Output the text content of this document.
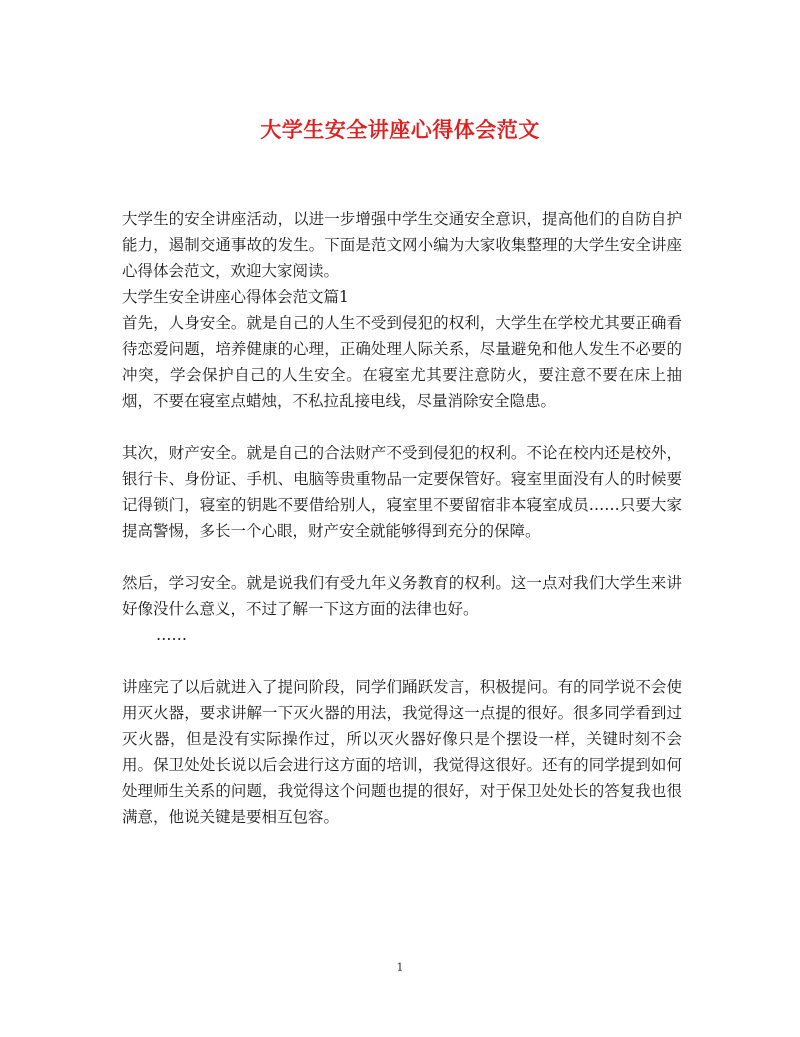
大学生安全讲座心得体会范文

大学生的安全讲座活动，以进一步增强中学生交通安全意识，提高他们的自防自护能力，遏制交通事故的发生。下面是范文网小编为大家收集整理的大学生安全讲座心得体会范文，欢迎大家阅读。

大学生安全讲座心得体会范文篇1

首先，人身安全。就是自己的人生不受到侵犯的权利，大学生在学校尤其要正确看待恋爱问题，培养健康的心理，正确处理人际关系，尽量避免和他人发生不必要的冲突，学会保护自己的人生安全。在寝室尤其要注意防火，要注意不要在床上抽烟，不要在寝室点蜡烛，不私拉乱接电线，尽量消除安全隐患。

其次，财产安全。就是自己的合法财产不受到侵犯的权利。不论在校内还是校外，银行卡、身份证、手机、电脑等贵重物品一定要保管好。寝室里面没有人的时候要记得锁门，寝室的钥匙不要借给别人，寝室里不要留宿非本寝室成员……只要大家提高警惕，多长一个心眼，财产安全就能够得到充分的保障。

然后，学习安全。就是说我们有受九年义务教育的权利。这一点对我们大学生来讲好像没什么意义，不过了解一下这方面的法律也好。

……

讲座完了以后就进入了提问阶段，同学们踊跃发言，积极提问。有的同学说不会使用灭火器，要求讲解一下灭火器的用法，我觉得这一点提的很好。很多同学看到过灭火器，但是没有实际操作过，所以灭火器好像只是个摆设一样，关键时刻不会用。保卫处处长说以后会进行这方面的培训，我觉得这很好。还有的同学提到如何处理师生关系的问题，我觉得这个问题也提的很好，对于保卫处处长的答复我也很满意，他说关键是要相互包容。

1
